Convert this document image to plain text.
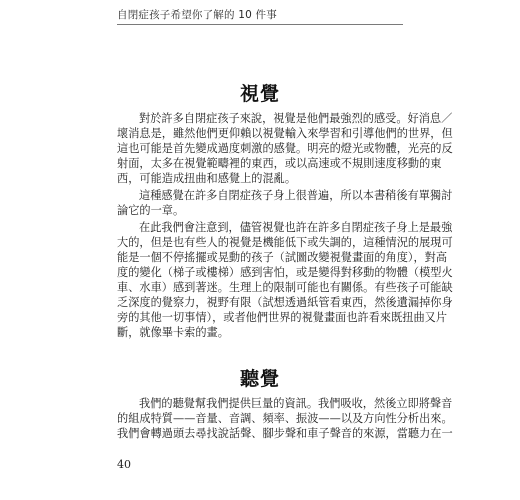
自閉症孩子希望你了解的 10 件事
視覺
對於許多自閉症孩子來說，視覺是他們最強烈的感受。好消息／
壞消息是，雖然他們更仰賴以視覺輸入來學習和引導他們的世界，但
這也可能是首先變成過度刺激的感覺。明亮的燈光或物體，光亮的反
射面，太多在視覺範疇裡的東西，或以高速或不規則速度移動的東
西，可能造成扭曲和感覺上的混亂。
這種感覺在許多自閉症孩子身上很普遍，所以本書稍後有單獨討
論它的一章。
在此我們會注意到，儘管視覺也許在許多自閉症孩子身上是最強
大的，但是也有些人的視覺是機能低下或失調的，這種情況的展現可
能是一個不停搖擺或晃動的孩子（試圖改變視覺畫面的角度），對高
度的變化（梯子或樓梯）感到害怕，或是變得對移動的物體（模型火
車、水車）感到著迷。生理上的限制可能也有關係。有些孩子可能缺
乏深度的覺察力，視野有限（試想透過紙管看東西，然後遺漏掉你身
旁的其他一切事情），或者他們世界的視覺畫面也許看來既扭曲又片
斷，就像畢卡索的畫。
聽覺
我們的聽覺幫我們提供巨量的資訊。我們吸收，然後立即將聲音
的組成特質——音量、音調、頻率、振波——以及方向性分析出來。
我們會轉過頭去尋找說話聲、腳步聲和車子聲音的來源，當聽力在一
40
